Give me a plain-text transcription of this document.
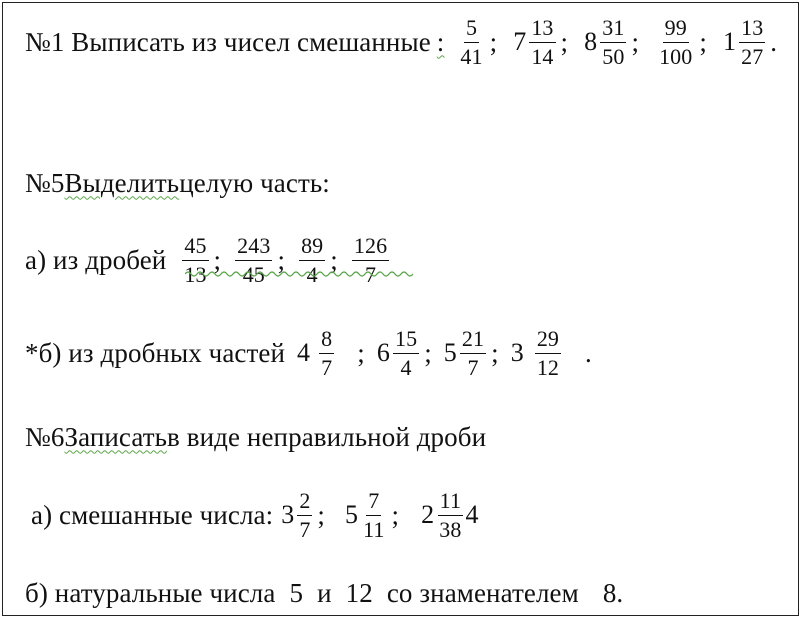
№1 Выписать из чисел смешанные : $\frac{5}{41}$ ; $7 \frac{13}{14}$ ; $8 \frac{31}{50}$ ; $\frac{99}{100}$ ; $1 \frac{13}{27}$ .
№5 Выделить целую часть:
а) из дробей $\frac{45}{13}$ ; $\frac{243}{45}$ ; $\frac{89}{4}$ ; $\frac{126}{7}$
*б) из дробных частей $4 \frac{8}{7}$ ; $6 \frac{15}{4}$ ; $5 \frac{21}{7}$ ; $3 \frac{29}{12}$ .
№6 Записать в виде неправильной дроби
а) смешанные числа: $3 \frac{2}{7}$ ; $5 \frac{7}{11}$ ; $2 \frac{11}{38} 4$
б) натуральные числа 5 и 12 со знаменателем 8.
